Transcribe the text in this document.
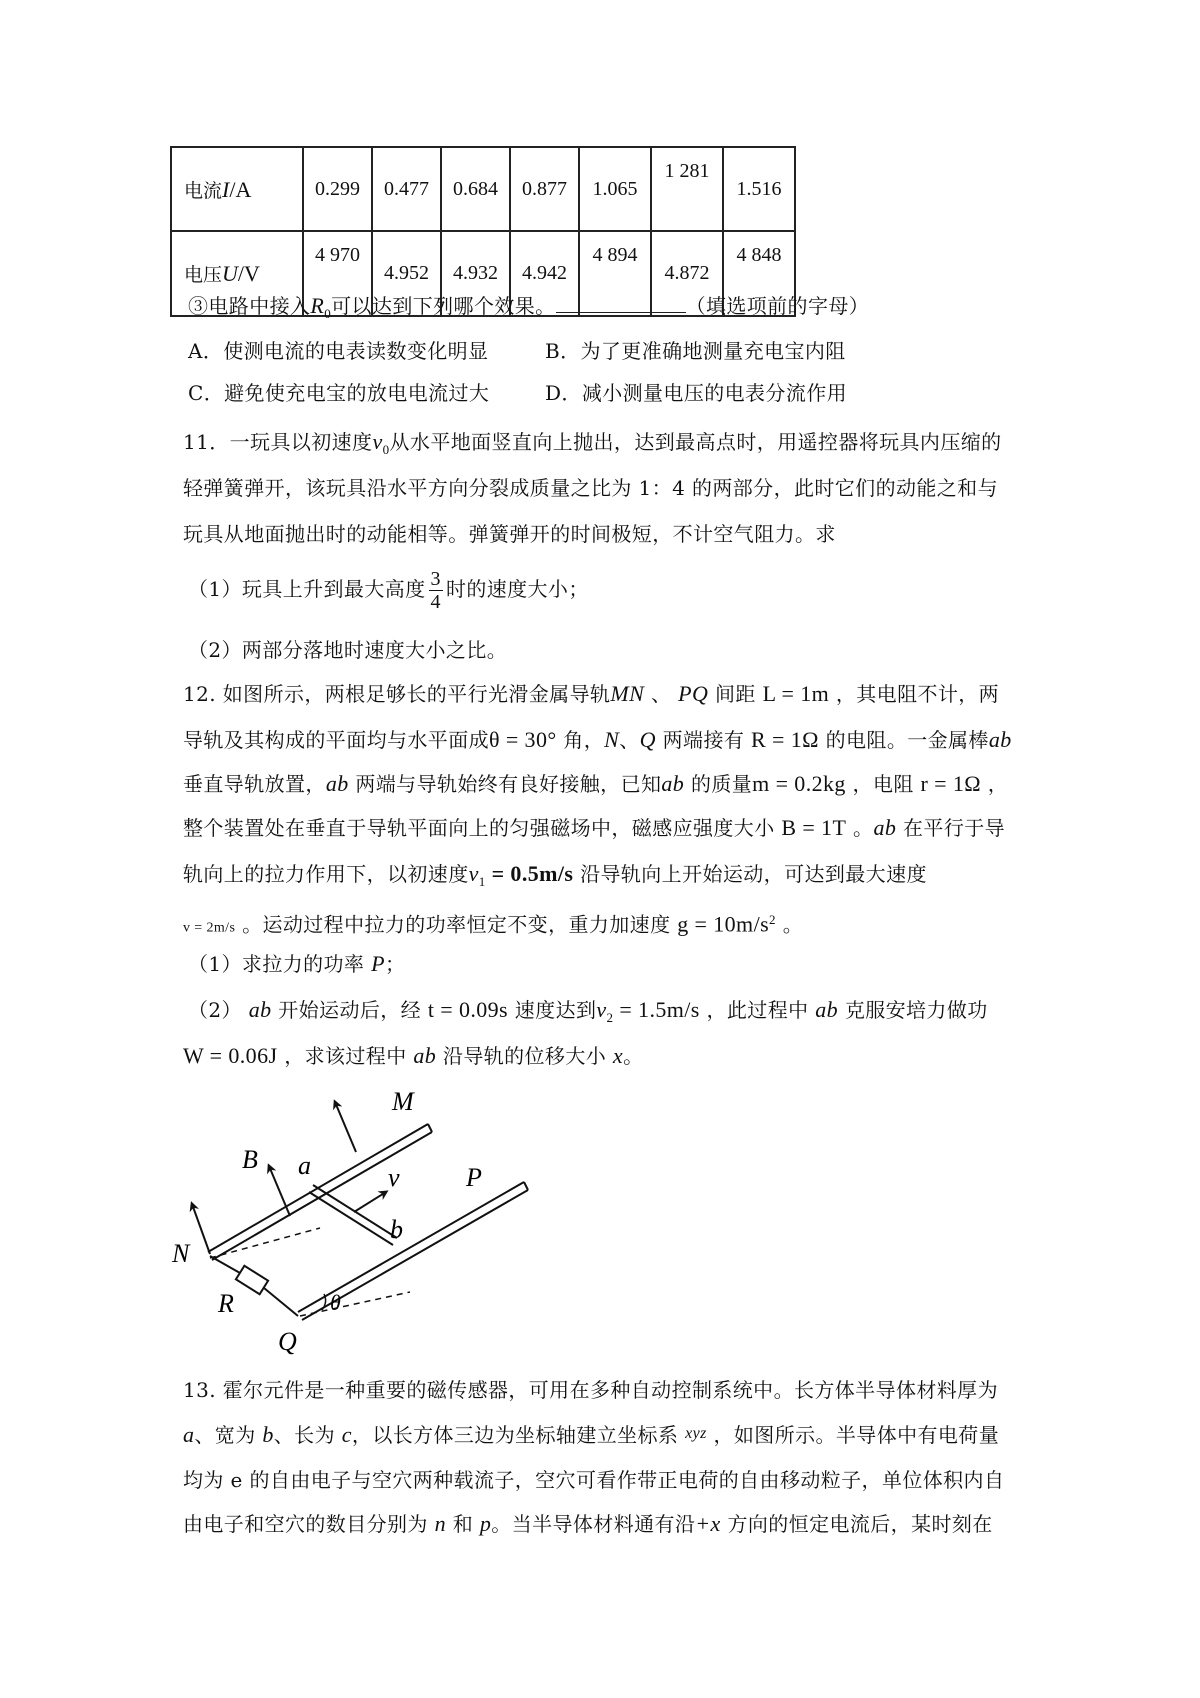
电流I/A	0.299	0.477	0.684	0.877	1.065	1 281	1.516
电压U/V	4 970	4.952	4.932	4.942	4 894	4.872	4 848
③电路中接入$R_0$可以达到下列哪个效果。	（填选项前的字母）
A．使测电流的电表读数变化明显	B．为了更准确地测量充电宝内阻
C．避免使充电宝的放电电流过大	D．减小测量电压的电表分流作用
11．一玩具以初速度$v_0$从水平地面竖直向上抛出，达到最高点时，用遥控器将玩具内压缩的
轻弹簧弹开，该玩具沿水平方向分裂成质量之比为 1：4 的两部分，此时它们的动能之和与
玩具从地面抛出时的动能相等。弹簧弹开的时间极短，不计空气阻力。求
（1）玩具上升到最大高度 $\frac{3}{4}$ 时的速度大小；
（2）两部分落地时速度大小之比。
12. 如图所示，两根足够长的平行光滑金属导轨MN 、 PQ 间距 L = 1m ，其电阻不计，两
导轨及其构成的平面均与水平面成θ = 30° 角，N、Q 两端接有 R = 1Ω 的电阻。一金属棒ab
垂直导轨放置，ab 两端与导轨始终有良好接触，已知ab 的质量m = 0.2kg ，电阻 r = 1Ω ，
整个装置处在垂直于导轨平面向上的匀强磁场中，磁感应强度大小 B = 1T 。ab 在平行于导
轨向上的拉力作用下，以初速度$v_1 = 0.5m/s$ 沿导轨向上开始运动，可达到最大速度
v = 2m/s 。运动过程中拉力的功率恒定不变，重力加速度 $g = 10m/s^2$ 。
（1）求拉力的功率 P；
（2） ab 开始运动后，经 t = 0.09s 速度达到$v_2 = 1.5m/s$ ，此过程中 ab 克服安培力做功
W = 0.06J ，求该过程中 ab 沿导轨的位移大小 x。
M
P
B a	v
b
N
R
Q
θ
13. 霍尔元件是一种重要的磁传感器，可用在多种自动控制系统中。长方体半导体材料厚为
a、宽为 b、长为 c，以长方体三边为坐标轴建立坐标系 $^{xyz}$ ，如图所示。半导体中有电荷量
均为 e 的自由电子与空穴两种载流子，空穴可看作带正电荷的自由移动粒子，单位体积内自
由电子和空穴的数目分别为 n 和 p。当半导体材料通有沿+x 方向的恒定电流后，某时刻在
